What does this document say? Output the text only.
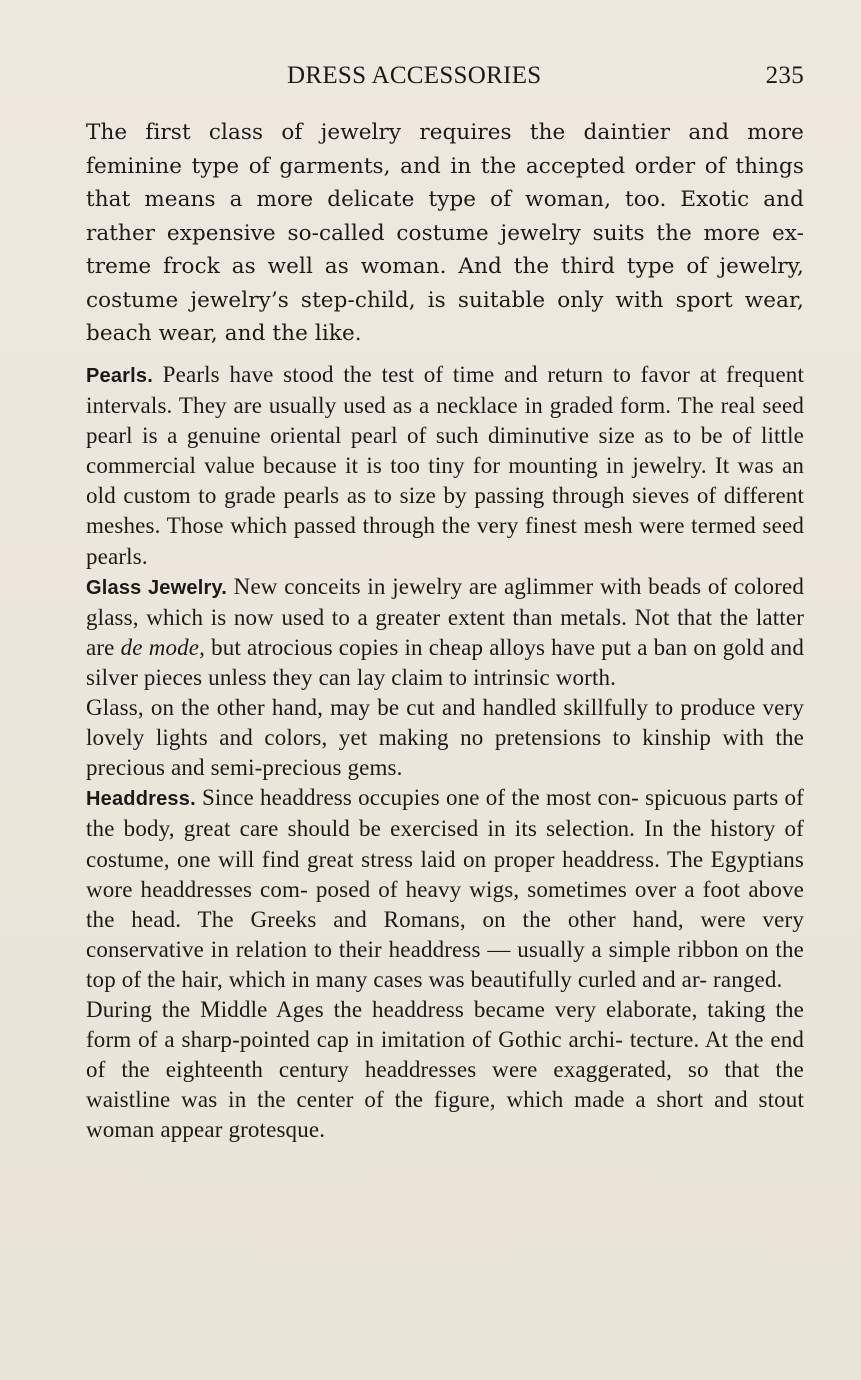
DRESS ACCESSORIES	235

The first class of jewelry requires the daintier and more feminine type of garments, and in the accepted order of things that means a more delicate type of woman, too. Exotic and rather expensive so-called costume jewelry suits the more ex- treme frock as well as woman. And the third type of jewelry, costume jewelry’s step-child, is suitable only with sport wear, beach wear, and the like.

Pearls. Pearls have stood the test of time and return to favor at frequent intervals. They are usually used as a necklace in graded form. The real seed pearl is a genuine oriental pearl of such diminutive size as to be of little commercial value because it is too tiny for mounting in jewelry. It was an old custom to grade pearls as to size by passing through sieves of different meshes. Those which passed through the very finest mesh were termed seed pearls.

Glass Jewelry. New conceits in jewelry are aglimmer with beads of colored glass, which is now used to a greater extent than metals. Not that the latter are de mode, but atrocious copies in cheap alloys have put a ban on gold and silver pieces unless they can lay claim to intrinsic worth.

Glass, on the other hand, may be cut and handled skillfully to produce very lovely lights and colors, yet making no pretensions to kinship with the precious and semi-precious gems.

Headdress. Since headdress occupies one of the most con- spicuous parts of the body, great care should be exercised in its selection. In the history of costume, one will find great stress laid on proper headdress. The Egyptians wore headdresses com- posed of heavy wigs, sometimes over a foot above the head. The Greeks and Romans, on the other hand, were very conservative in relation to their headdress — usually a simple ribbon on the top of the hair, which in many cases was beautifully curled and ar- ranged.

During the Middle Ages the headdress became very elaborate, taking the form of a sharp-pointed cap in imitation of Gothic archi- tecture. At the end of the eighteenth century headdresses were exaggerated, so that the waistline was in the center of the figure, which made a short and stout woman appear grotesque.
